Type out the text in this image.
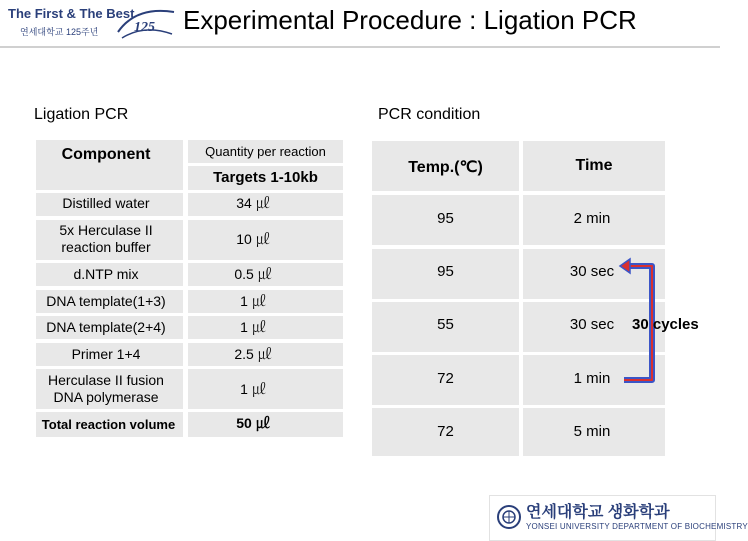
The First & The Best
연세대학교 125주년	125 Experimental Procedure : Ligation PCR
Ligation PCR	PCR condition
Component	Quantity per reaction
Targets 1-10kb
Distilled water	34 ㎕
5x Herculase II reaction buffer	10 ㎕
d.NTP mix	0.5 ㎕
DNA template(1+3)	1 ㎕
DNA template(2+4)	1 ㎕
Primer 1+4	2.5 ㎕
Herculase II fusion DNA polymerase	1 ㎕
Total reaction volume	50 ㎕
Temp.(℃)	Time
95	2 min
95	30 sec
55	30 sec
72	1 min
72	5 min
30 cycles
연세대학교 생화학과
YONSEI UNIVERSITY DEPARTMENT OF BIOCHEMISTRY
